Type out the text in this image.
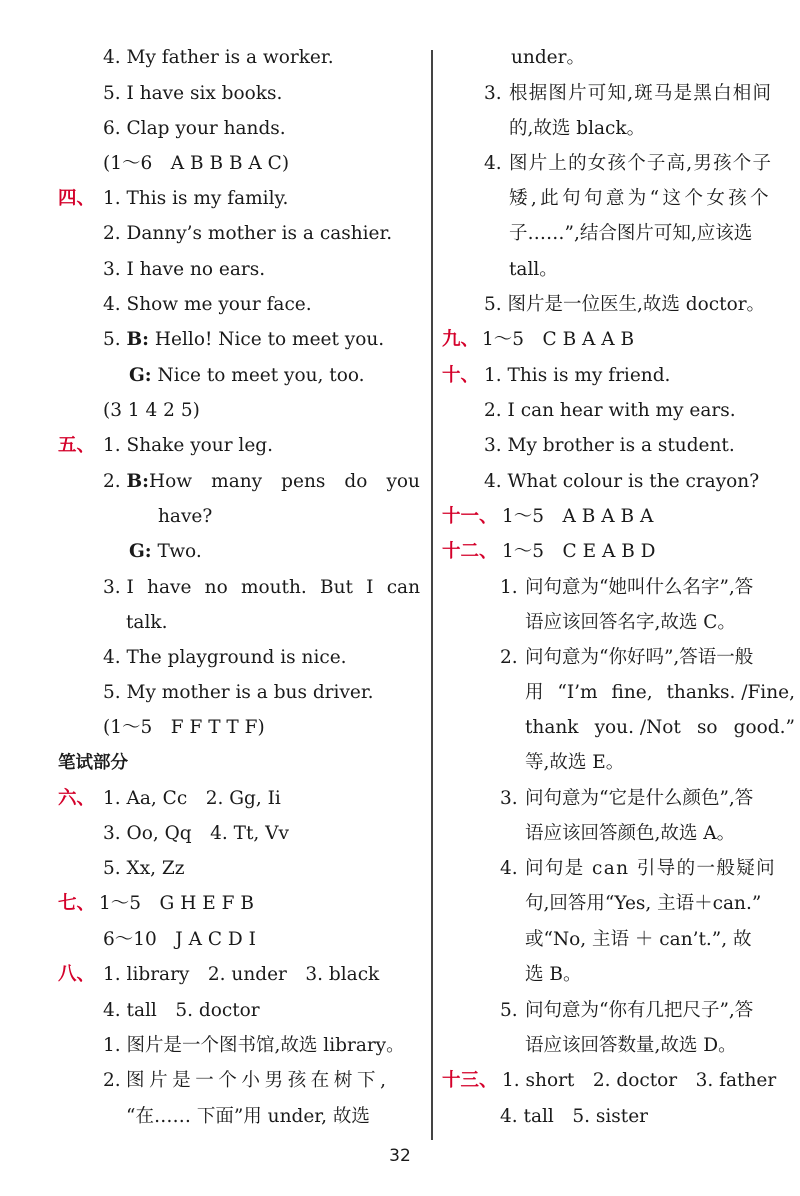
4. My father is a worker.
5. I have six books.
6. Clap your hands.
(1～6　A B B B A C)
四、 1. This is my family.
2. Danny’s mother is a cashier.
3. I have no ears.
4. Show me your face.
5. B: Hello! Nice to meet you.
G: Nice to meet you, too.
(3 1 4 2 5)
五、 1. Shake your leg.
2. B:How many pens do you
have?
G: Two.
3. I have no mouth. But I can
talk.
4. The playground is nice.
5. My mother is a bus driver.
(1～5　F F T T F)
笔试部分
六、 1. Aa, Cc　2. Gg, Ii
3. Oo, Qq　4. Tt, Vv
5. Xx, Zz
七、 1～5　G H E F B
6～10　J A C D I
八、 1. library　2. under　3. black
4. tall　5. doctor
1. 图片是一个图书馆,故选 library。
2. 图片是一个小男孩在树下,
“在…… 下面”用 under, 故选
under。
3. 根据图片可知,斑马是黑白相间
的,故选 black。
4. 图片上的女孩个子高,男孩个子
矮,此句句意为“这个女孩个
子……”,结合图片可知,应该选
tall。
5. 图片是一位医生,故选 doctor。
九、 1～5　C B A A B
十、 1. This is my friend.
2. I can hear with my ears.
3. My brother is a student.
4. What colour is the crayon?
十一、 1～5　A B A B A
十二、 1～5　C E A B D
1. 问句意为“她叫什么名字”,答
语应该回答名字,故选 C。
2. 问句意为“你好吗”,答语一般
用 “I’m fine, thanks. /Fine,
thank you. /Not so good.”
等,故选 E。
3. 问句意为“它是什么颜色”,答
语应该回答颜色,故选 A。
4. 问句是 can 引导的一般疑问
句,回答用“Yes, 主语＋can.”
或“No, 主语 ＋ can’t.”, 故
选 B。
5. 问句意为“你有几把尺子”,答
语应该回答数量,故选 D。
十三、 1. short　2. doctor　3. father
4. tall　5. sister
32
